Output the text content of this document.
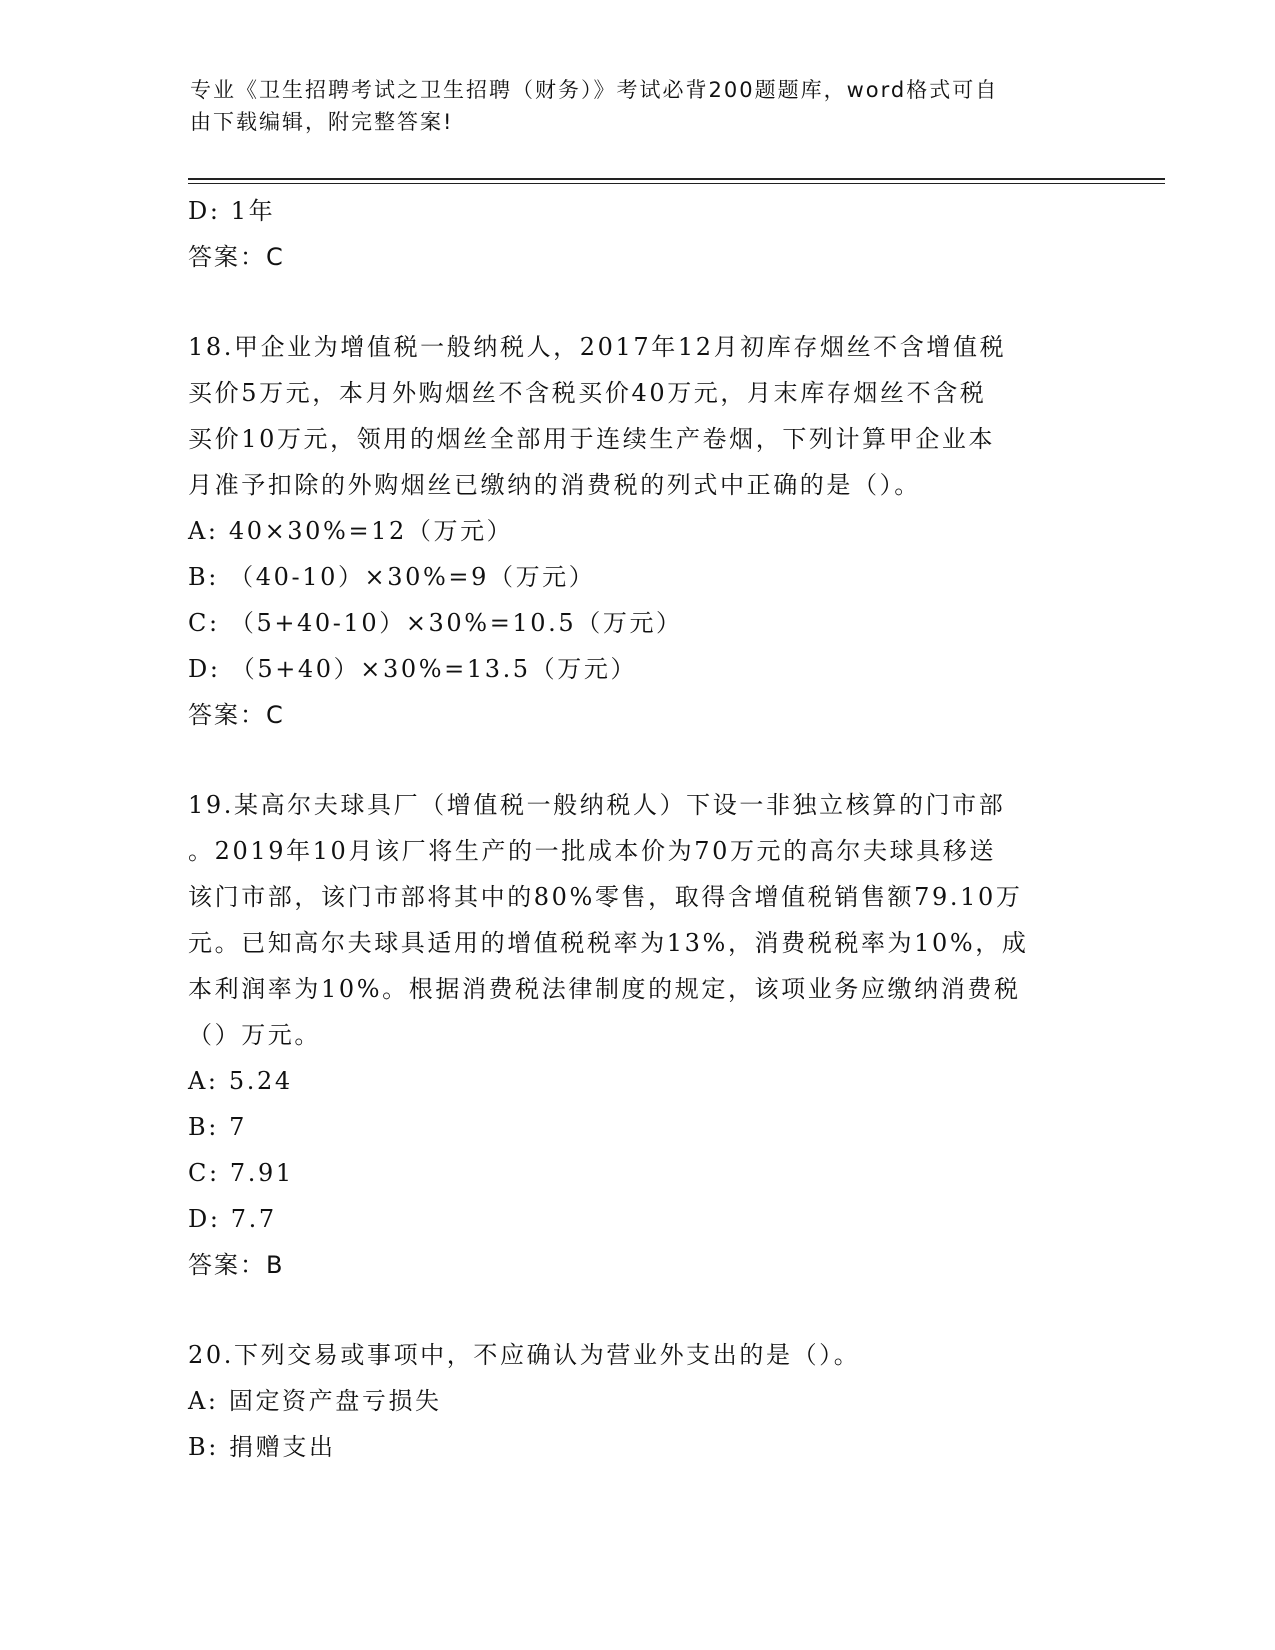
专业《卫生招聘考试之卫生招聘（财务）》考试必背200题题库，word格式可自
由下载编辑，附完整答案!
D: 1年
答案：C
18.甲企业为增值税一般纳税人，2017年12月初库存烟丝不含增值税
买价5万元，本月外购烟丝不含税买价40万元，月末库存烟丝不含税
买价10万元，领用的烟丝全部用于连续生产卷烟，下列计算甲企业本
月准予扣除的外购烟丝已缴纳的消费税的列式中正确的是（）。
A: 40×30%=12（万元）
B: （40-10）×30%=9（万元）
C: （5+40-10）×30%=10.5（万元）
D: （5+40）×30%=13.5（万元）
答案：C
19.某高尔夫球具厂（增值税一般纳税人）下设一非独立核算的门市部
。2019年10月该厂将生产的一批成本价为70万元的高尔夫球具移送
该门市部，该门市部将其中的80%零售，取得含增值税销售额79.10万
元。已知高尔夫球具适用的增值税税率为13%，消费税税率为10%，成
本利润率为10%。根据消费税法律制度的规定，该项业务应缴纳消费税
（）万元。
A: 5.24
B: 7
C: 7.91
D: 7.7
答案：B
20.下列交易或事项中，不应确认为营业外支出的是（）。
A: 固定资产盘亏损失
B: 捐赠支出
